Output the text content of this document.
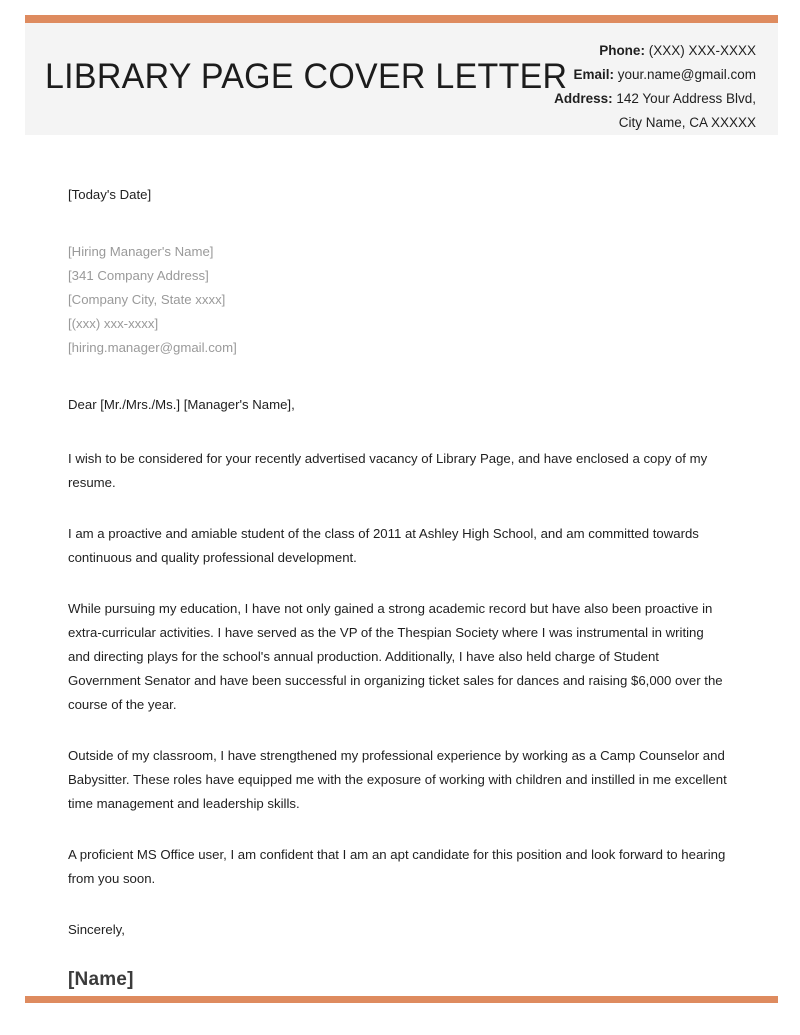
LIBRARY PAGE COVER LETTER
Phone: (XXX) XXX-XXXX
Email: your.name@gmail.com
Address: 142 Your Address Blvd,
City Name, CA XXXXX

[Today's Date]

[Hiring Manager's Name]
[341 Company Address]
[Company City, State xxxx]
[(xxx) xxx-xxxx]
[hiring.manager@gmail.com]

Dear [Mr./Mrs./Ms.] [Manager's Name],

I wish to be considered for your recently advertised vacancy of Library Page, and have enclosed a copy of my resume.

I am a proactive and amiable student of the class of 2011 at Ashley High School, and am committed towards continuous and quality professional development.

While pursuing my education, I have not only gained a strong academic record but have also been proactive in extra-curricular activities. I have served as the VP of the Thespian Society where I was instrumental in writing and directing plays for the school's annual production. Additionally, I have also held charge of Student Government Senator and have been successful in organizing ticket sales for dances and raising $6,000 over the course of the year.

Outside of my classroom, I have strengthened my professional experience by working as a Camp Counselor and Babysitter. These roles have equipped me with the exposure of working with children and instilled in me excellent time management and leadership skills.

A proficient MS Office user, I am confident that I am an apt candidate for this position and look forward to hearing from you soon.

Sincerely,

[Name]
